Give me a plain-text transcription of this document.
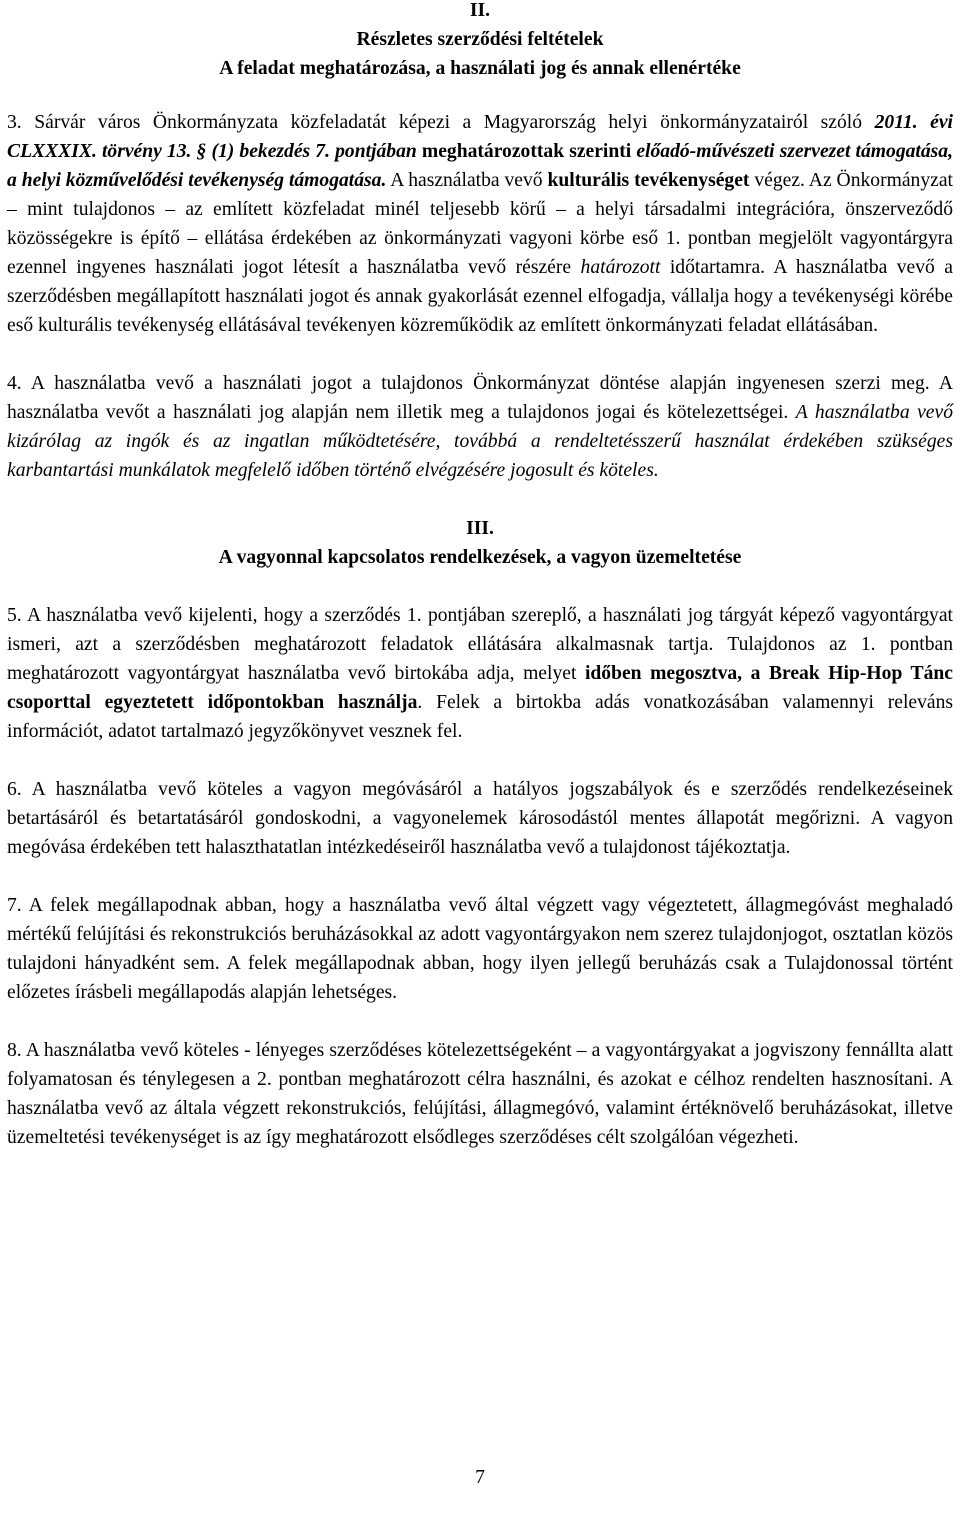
II.

Részletes szerződési feltételek

A feladat meghatározása, a használati jog és annak ellenértéke

3. Sárvár város Önkormányzata közfeladatát képezi a Magyarország helyi önkormányzatairól szóló 2011. évi CLXXXIX. törvény 13. § (1) bekezdés 7. pontjában meghatározottak szerinti előadó-művészeti szervezet támogatása, a helyi közművelődési tevékenység támogatása. A használatba vevő kulturális tevékenységet végez. Az Önkormányzat – mint tulajdonos – az említett közfeladat minél teljesebb körű – a helyi társadalmi integrációra, önszerveződő közösségekre is építő – ellátása érdekében az önkormányzati vagyoni körbe eső 1. pontban megjelölt vagyontárgyra ezennel ingyenes használati jogot létesít a használatba vevő részére határozott időtartamra. A használatba vevő a szerződésben megállapított használati jogot és annak gyakorlását ezennel elfogadja, vállalja hogy a tevékenységi körébe eső kulturális tevékenység ellátásával tevékenyen közreműködik az említett önkormányzati feladat ellátásában.

4. A használatba vevő a használati jogot a tulajdonos Önkormányzat döntése alapján ingyenesen szerzi meg. A használatba vevőt a használati jog alapján nem illetik meg a tulajdonos jogai és kötelezettségei. A használatba vevő kizárólag az ingók és az ingatlan működtetésére, továbbá a rendeltetésszerű használat érdekében szükséges karbantartási munkálatok megfelelő időben történő elvégzésére jogosult és köteles.

III.

A vagyonnal kapcsolatos rendelkezések, a vagyon üzemeltetése

5. A használatba vevő kijelenti, hogy a szerződés 1. pontjában szereplő, a használati jog tárgyát képező vagyontárgyat ismeri, azt a szerződésben meghatározott feladatok ellátására alkalmasnak tartja. Tulajdonos az 1. pontban meghatározott vagyontárgyat használatba vevő birtokába adja, melyet időben megosztva, a Break Hip-Hop Tánc csoporttal egyeztetett időpontokban használja. Felek a birtokba adás vonatkozásában valamennyi releváns információt, adatot tartalmazó jegyzőkönyvet vesznek fel.

6. A használatba vevő köteles a vagyon megóvásáról a hatályos jogszabályok és e szerződés rendelkezéseinek betartásáról és betartatásáról gondoskodni, a vagyonelemek károsodástól mentes állapotát megőrizni. A vagyon megóvása érdekében tett halaszthatatlan intézkedéseiről használatba vevő a tulajdonost tájékoztatja.

7. A felek megállapodnak abban, hogy a használatba vevő által végzett vagy végeztetett, állagmegóvást meghaladó mértékű felújítási és rekonstrukciós beruházásokkal az adott vagyontárgyakon nem szerez tulajdonjogot, osztatlan közös tulajdoni hányadként sem. A felek megállapodnak abban, hogy ilyen jellegű beruházás csak a Tulajdonossal történt előzetes írásbeli megállapodás alapján lehetséges.

8. A használatba vevő köteles - lényeges szerződéses kötelezettségeként – a vagyontárgyakat a jogviszony fennállta alatt folyamatosan és ténylegesen a 2. pontban meghatározott célra használni, és azokat e célhoz rendelten hasznosítani. A használatba vevő az általa végzett rekonstrukciós, felújítási, állagmegóvó, valamint értéknövelő beruházásokat, illetve üzemeltetési tevékenységet is az így meghatározott elsődleges szerződéses célt szolgálóan végezheti.

7
